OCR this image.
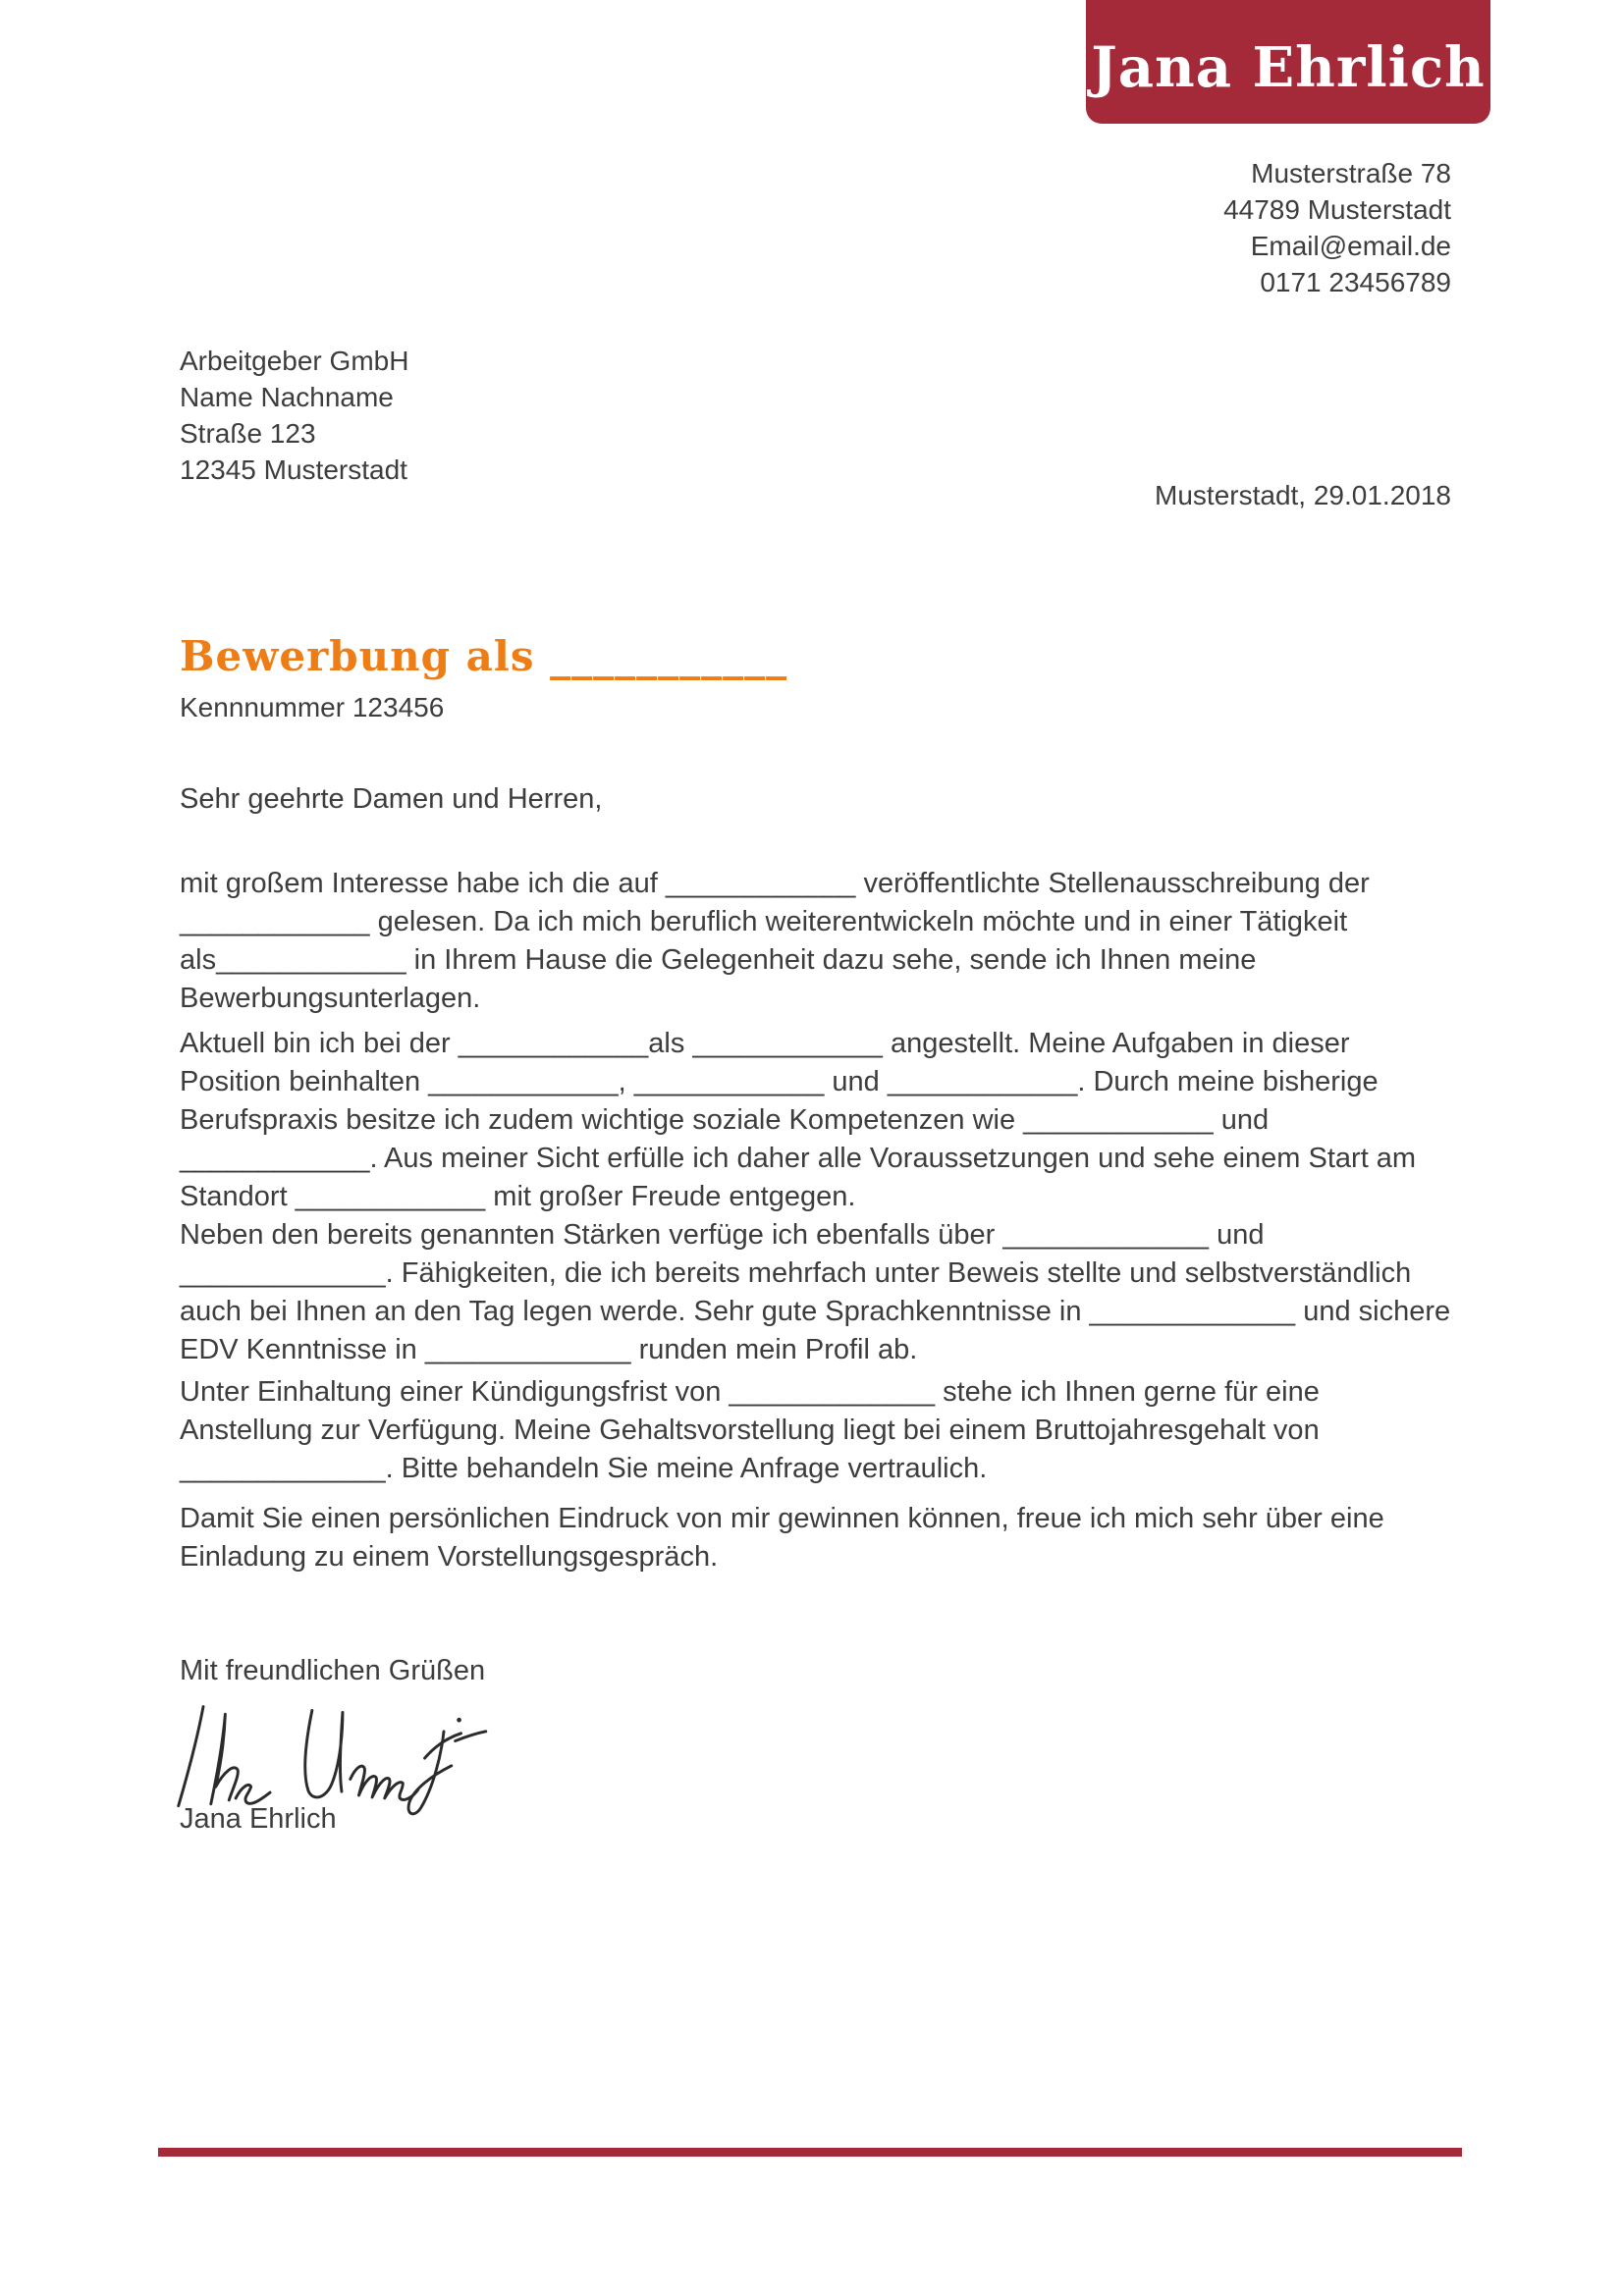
Jana Ehrlich
Musterstraße 78
44789 Musterstadt
Email@email.de
0171 23456789
Arbeitgeber GmbH
Name Nachname
Straße 123
12345 Musterstadt
Musterstadt, 29.01.2018
Bewerbung als ___________
Kennnummer 123456
Sehr geehrte Damen und Herren,
mit großem Interesse habe ich die auf ____________ veröffentlichte Stellenausschreibung der ____________ gelesen. Da ich mich beruflich weiterentwickeln möchte und in einer Tätigkeit als____________ in Ihrem Hause die Gelegenheit dazu sehe, sende ich Ihnen meine Bewerbungsunterlagen.
Aktuell bin ich bei der ____________als ____________ angestellt. Meine Aufgaben in dieser Position beinhalten ____________, ____________ und ____________. Durch meine bisherige Berufspraxis besitze ich zudem wichtige soziale Kompetenzen wie ____________ und ____________. Aus meiner Sicht erfülle ich daher alle Voraussetzungen und sehe einem Start am Standort ____________ mit großer Freude entgegen.
Neben den bereits genannten Stärken verfüge ich ebenfalls über _____________ und _____________. Fähigkeiten, die ich bereits mehrfach unter Beweis stellte und selbstverständlich auch bei Ihnen an den Tag legen werde. Sehr gute Sprachkenntnisse in _____________ und sichere EDV Kenntnisse in _____________ runden mein Profil ab.
Unter Einhaltung einer Kündigungsfrist von _____________ stehe ich Ihnen gerne für eine Anstellung zur Verfügung. Meine Gehaltsvorstellung liegt bei einem Bruttojahresgehalt von _____________. Bitte behandeln Sie meine Anfrage vertraulich.
Damit Sie einen persönlichen Eindruck von mir gewinnen können, freue ich mich sehr über eine Einladung zu einem Vorstellungsgespräch.
Mit freundlichen Grüßen
Jana Ehrlich
